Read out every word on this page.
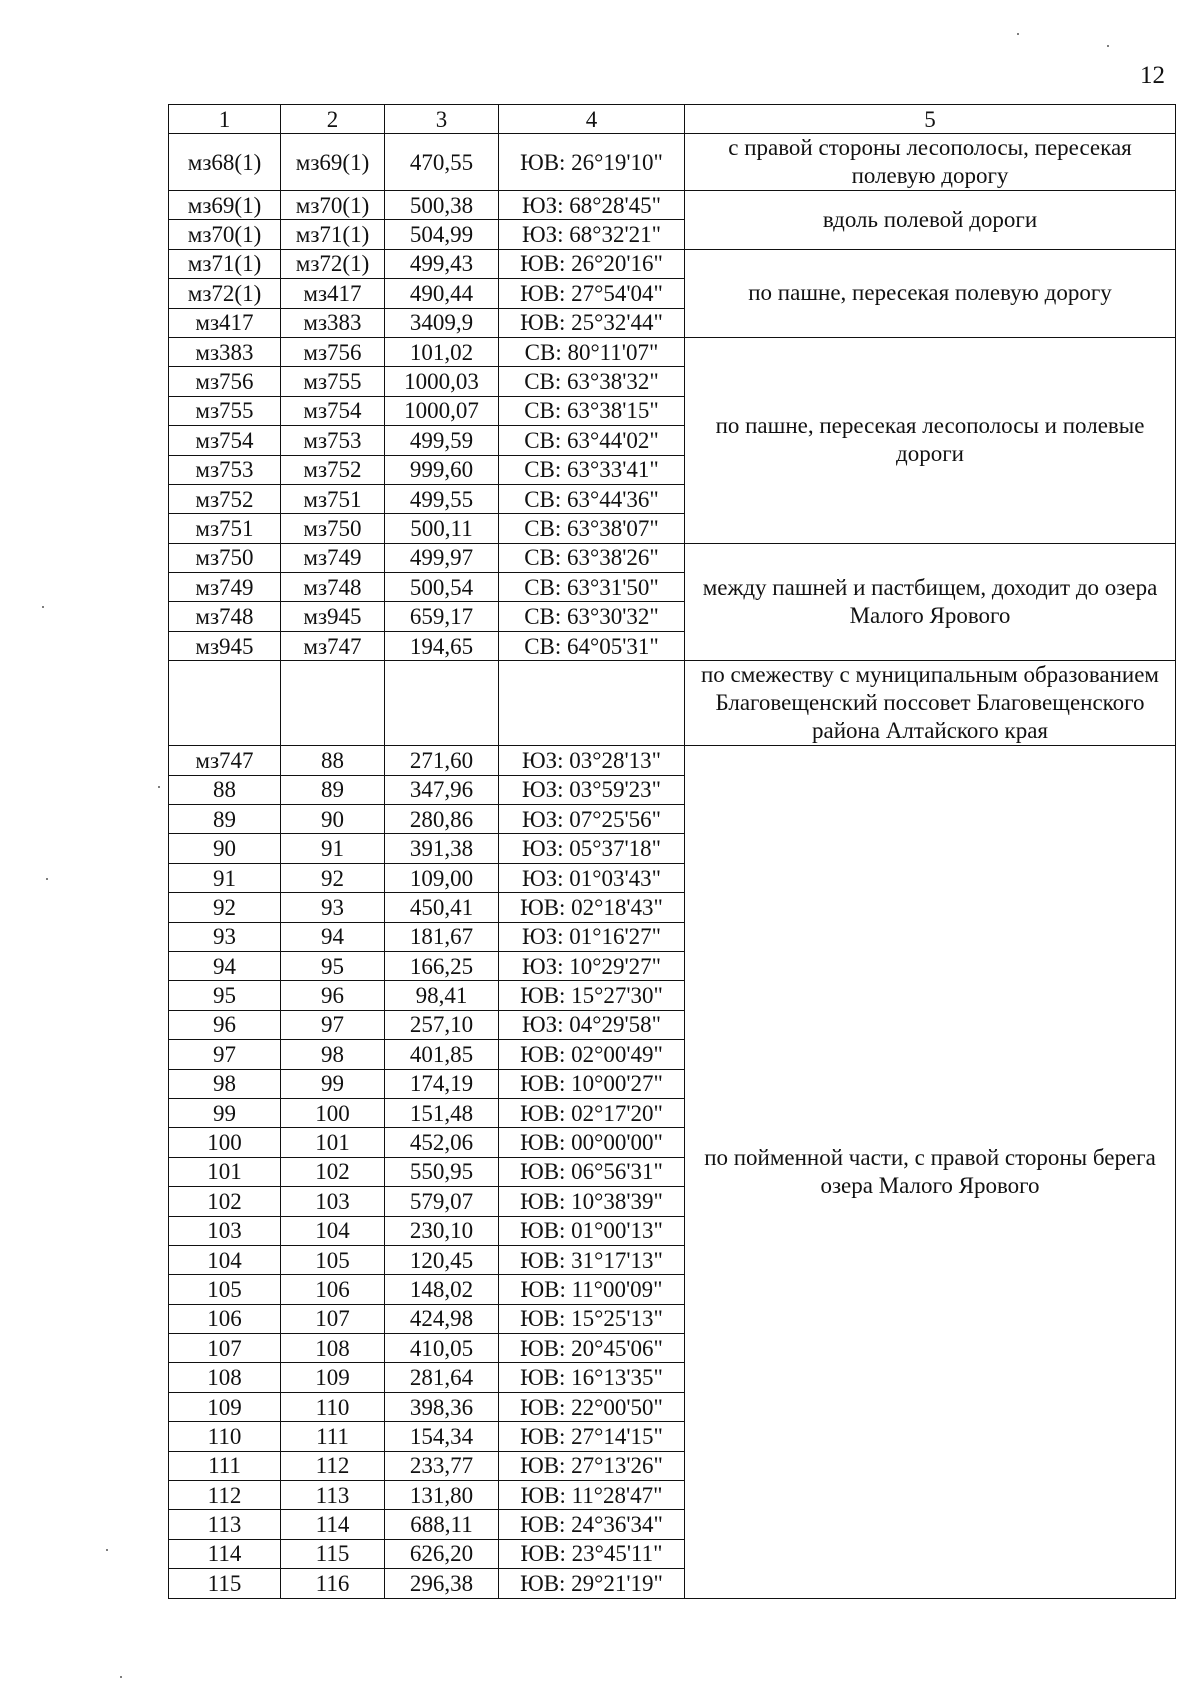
12
1	2	3	4	5
мз68(1)	мз69(1)	470,55	ЮВ: 26°19'10"	с правой стороны лесополосы, пересекая полевую дорогу
мз69(1)	мз70(1)	500,38	ЮЗ: 68°28'45"	вдоль полевой дороги
мз70(1)	мз71(1)	504,99	ЮЗ: 68°32'21"	
мз71(1)	мз72(1)	499,43	ЮВ: 26°20'16"	по пашне, пересекая полевую дорогу
мз72(1)	мз417	490,44	ЮВ: 27°54'04"	
мз417	мз383	3409,9	ЮВ: 25°32'44"	
мз383	мз756	101,02	СВ: 80°11'07"	по пашне, пересекая лесополосы и полевые дороги
мз756	мз755	1000,03	СВ: 63°38'32"	
мз755	мз754	1000,07	СВ: 63°38'15"	
мз754	мз753	499,59	СВ: 63°44'02"	
мз753	мз752	999,60	СВ: 63°33'41"	
мз752	мз751	499,55	СВ: 63°44'36"	
мз751	мз750	500,11	СВ: 63°38'07"	
мз750	мз749	499,97	СВ: 63°38'26"	между пашней и пастбищем, доходит до озера Малого Ярового
мз749	мз748	500,54	СВ: 63°31'50"	
мз748	мз945	659,17	СВ: 63°30'32"	
мз945	мз747	194,65	СВ: 64°05'31"	
				по смежеству с муниципальным образованием Благовещенский поссовет Благовещенского района Алтайского края
мз747	88	271,60	ЮЗ: 03°28'13"	по пойменной части, с правой стороны берега озера Малого Ярового
88	89	347,96	ЮЗ: 03°59'23"	
89	90	280,86	ЮЗ: 07°25'56"	
90	91	391,38	ЮЗ: 05°37'18"	
91	92	109,00	ЮЗ: 01°03'43"	
92	93	450,41	ЮВ: 02°18'43"	
93	94	181,67	ЮЗ: 01°16'27"	
94	95	166,25	ЮЗ: 10°29'27"	
95	96	98,41	ЮВ: 15°27'30"	
96	97	257,10	ЮЗ: 04°29'58"	
97	98	401,85	ЮВ: 02°00'49"	
98	99	174,19	ЮВ: 10°00'27"	
99	100	151,48	ЮВ: 02°17'20"	
100	101	452,06	ЮВ: 00°00'00"	
101	102	550,95	ЮВ: 06°56'31"	
102	103	579,07	ЮВ: 10°38'39"	
103	104	230,10	ЮВ: 01°00'13"	
104	105	120,45	ЮВ: 31°17'13"	
105	106	148,02	ЮВ: 11°00'09"	
106	107	424,98	ЮВ: 15°25'13"	
107	108	410,05	ЮВ: 20°45'06"	
108	109	281,64	ЮВ: 16°13'35"	
109	110	398,36	ЮВ: 22°00'50"	
110	111	154,34	ЮВ: 27°14'15"	
111	112	233,77	ЮВ: 27°13'26"	
112	113	131,80	ЮВ: 11°28'47"	
113	114	688,11	ЮВ: 24°36'34"	
114	115	626,20	ЮВ: 23°45'11"	
115	116	296,38	ЮВ: 29°21'19"	
